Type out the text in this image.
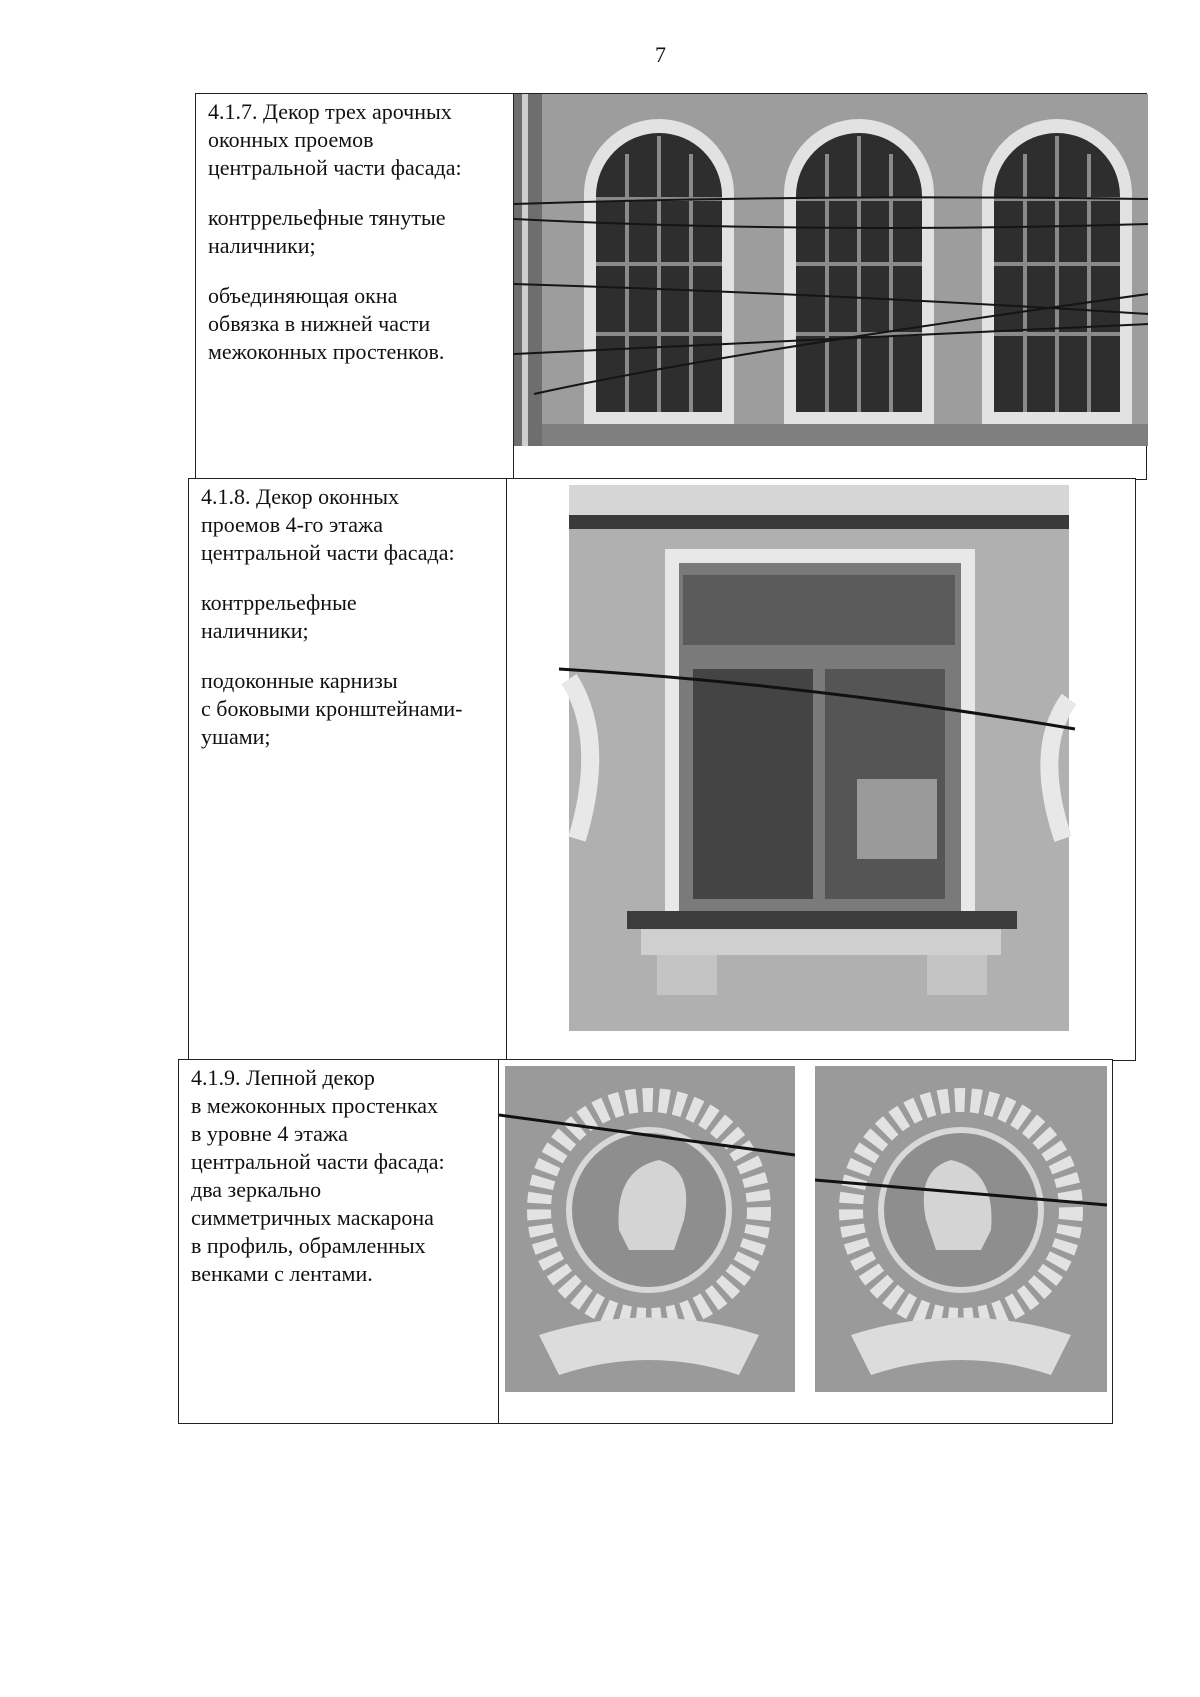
7

4.1.7. Декор трех арочных
оконных проемов
центральной части фасада:

контррельефные тянутые
наличники;

объединяющая окна
обвязка в нижней части
межоконных простенков.

4.1.8. Декор оконных
проемов 4-го этажа
центральной части фасада:

контррельефные
наличники;

подоконные карнизы
с боковыми кронштейнами-
ушами;

4.1.9. Лепной декор
в межоконных простенках
в уровне 4 этажа
центральной части фасада:
два зеркально
симметричных маскарона
в профиль, обрамленных
венками с лентами.
